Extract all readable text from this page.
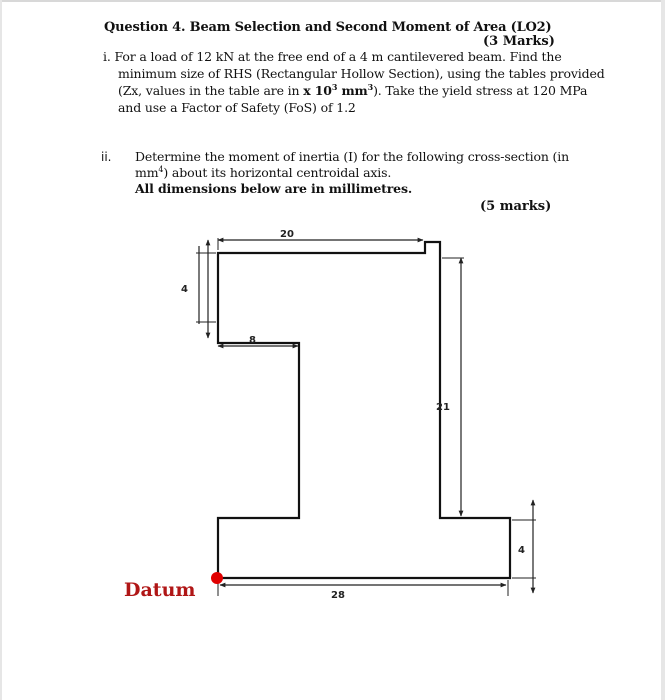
Question 4. Beam Selection and Second Moment of Area (LO2)
(3 Marks)
i. For a load of 12 kN at the free end of a 4 m cantilevered beam. Find the
minimum size of RHS (Rectangular Hollow Section), using the tables provided
(Zx, values in the table are in x $10^3$ $mm^3$). Take the yield stress at 120 MPa
and use a Factor of Safety (FoS) of 1.2
ii. Determine the moment of inertia (I) for the following cross-section (in
$mm^4$) about its horizontal centroidal axis.
All dimensions below are in millimetres.
(5 marks)
20
4
8
21
4
28
Datum
